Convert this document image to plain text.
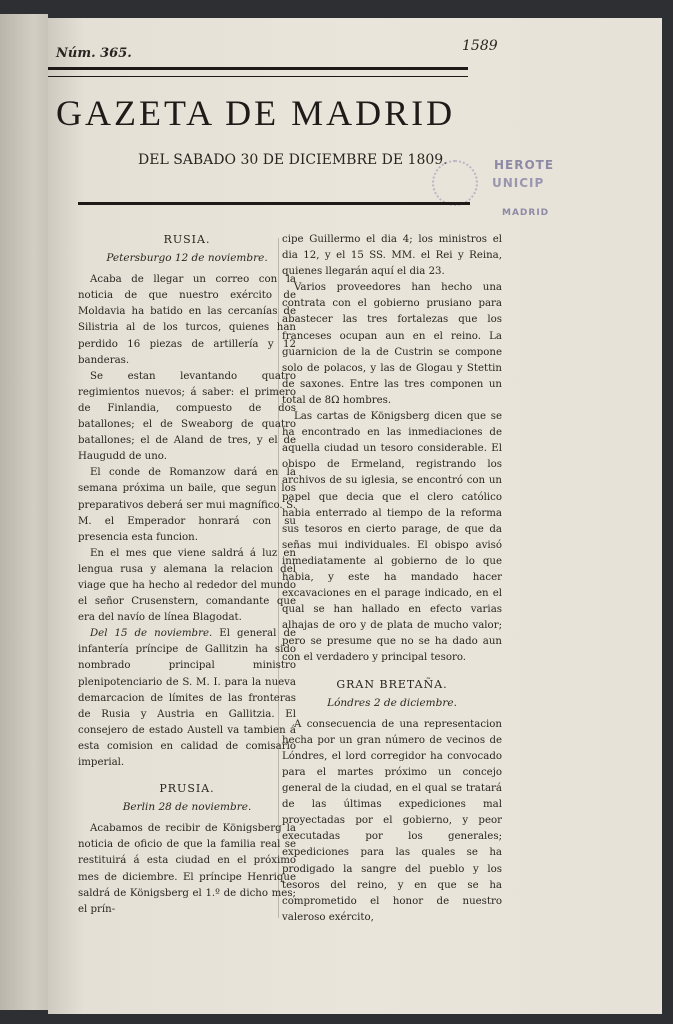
Núm. 365.	1589
GAZETA DE MADRID
DEL SABADO 30 DE DICIEMBRE DE 1809.	HEROTE
UNICIP
MADRID
RUSIA.
Petersburgo 12 de noviembre.

Acaba de llegar un correo con la noticia de que nuestro exército de Moldavia ha batido en las cercanías de Silistria al de los turcos, quienes han perdido 16 piezas de artillería y 12 banderas.

Se estan levantando quatro regimientos nuevos; á saber: el primero de Finlandia, compuesto de dos batallones; el de Sweaborg de quatro batallones; el de Aland de tres, y el de Haugudd de uno.

El conde de Romanzow dará en la semana próxima un baile, que segun los preparativos deberá ser mui magnífico. S. M. el Emperador honrará con su presencia esta funcion.

En el mes que viene saldrá á luz en lengua rusa y alemana la relacion del viage que ha hecho al rededor del mundo el señor Crusenstern, comandante que era del navío de línea Blagodat.

Del 15 de noviembre. El general de infantería príncipe de Gallitzin ha sido nombrado principal ministro plenipotenciario de S. M. I. para la nueva demarcacion de límites de las fronteras de Rusia y Austria en Gallitzia. El consejero de estado Austell va tambien á esta comision en calidad de comisario imperial.

PRUSIA.
Berlin 28 de noviembre.

Acabamos de recibir de Königsberg la noticia de oficio de que la familia real se restituirá á esta ciudad en el próximo mes de diciembre. El príncipe Henrique saldrá de Königsberg el 1.º de dicho mes; el prín-

cipe Guillermo el dia 4; los ministros el dia 12, y el 15 SS. MM. el Rei y Reina, quienes llegarán aquí el dia 23.

Varios proveedores han hecho una contrata con el gobierno prusiano para abastecer las tres fortalezas que los franceses ocupan aun en el reino. La guarnicion de la de Custrin se compone solo de polacos, y las de Glogau y Stettin de saxones. Entre las tres componen un total de 8Ω hombres.

Las cartas de Königsberg dicen que se ha encontrado en las inmediaciones de aquella ciudad un tesoro considerable. El obispo de Ermeland, registrando los archivos de su iglesia, se encontró con un papel que decia que el clero católico habia enterrado al tiempo de la reforma sus tesoros en cierto parage, de que da señas mui individuales. El obispo avisó inmediatamente al gobierno de lo que habia, y este ha mandado hacer excavaciones en el parage indicado, en el qual se han hallado en efecto varias alhajas de oro y de plata de mucho valor; pero se presume que no se ha dado aun con el verdadero y principal tesoro.

GRAN BRETAÑA.
Lóndres 2 de diciembre.

A consecuencia de una representacion hecha por un gran número de vecinos de Lóndres, el lord corregidor ha convocado para el martes próximo un concejo general de la ciudad, en el qual se tratará de las últimas expediciones mal proyectadas por el gobierno, y peor executadas por los generales; expediciones para las quales se ha prodigado la sangre del pueblo y los tesoros del reino, y en que se ha comprometido el honor de nuestro valeroso exército,
